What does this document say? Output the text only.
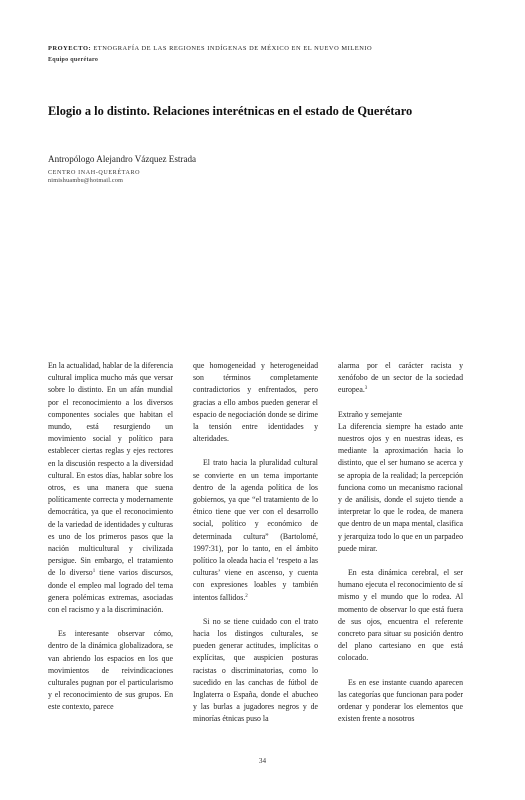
PROYECTO: ETNOGRAFÍA DE LAS REGIONES INDÍGENAS DE MÉXICO EN EL NUEVO MILENIO
Equipo querétaro
Elogio a lo distinto. Relaciones interétnicas en el estado de Querétaro
Antropólogo Alejandro Vázquez Estrada
CENTRO INAH-QUERÉTARO
nimishuambu@hotmail.com

En la actualidad, hablar de la diferencia cultural implica mucho más que versar sobre lo distinto. En un afán mundial por el reconocimiento a los diversos componentes sociales que habitan el mundo, está resurgiendo un movimiento social y político para establecer ciertas reglas y ejes rectores en la discusión respecto a la diversidad cultural. En estos días, hablar sobre los otros, es una manera que suena políticamente correcta y modernamente democrática, ya que el reconocimiento de la variedad de identidades y culturas es uno de los primeros pasos que la nación multicultural y civilizada persigue. Sin embargo, el tratamiento de lo diverso$^1$ tiene varios discursos, donde el empleo mal logrado del tema genera polémicas extremas, asociadas con el racismo y a la discriminación.

Es interesante observar cómo, dentro de la dinámica globalizadora, se van abriendo los espacios en los que movimientos de reivindicaciones culturales pugnan por el particularismo y el reconocimiento de sus grupos. En este contexto, parece

que homogeneidad y heterogeneidad son términos completamente contradictorios y enfrentados, pero gracias a ello ambos pueden generar el espacio de negociación donde se dirime la tensión entre identidades y alteridades.

El trato hacia la pluralidad cultural se convierte en un tema importante dentro de la agenda política de los gobiernos, ya que “el tratamiento de lo étnico tiene que ver con el desarrollo social, político y económico de determinada cultura” (Bartolomé, 1997:31), por lo tanto, en el ámbito político la oleada hacia el ‘respeto a las culturas’ viene en ascenso, y cuenta con expresiones loables y también intentos fallidos.$^2$

Si no se tiene cuidado con el trato hacia los distingos culturales, se pueden generar actitudes, implícitas o explícitas, que auspicien posturas racistas o discriminatorias, como lo sucedido en las canchas de fútbol de Inglaterra o España, donde el abucheo y las burlas a jugadores negros y de minorías étnicas puso la

alarma por el carácter racista y xenófobo de un sector de la sociedad europea.$^3$

Extraño y semejante

La diferencia siempre ha estado ante nuestros ojos y en nuestras ideas, es mediante la aproximación hacia lo distinto, que el ser humano se acerca y se apropia de la realidad; la percepción funciona como un mecanismo racional y de análisis, donde el sujeto tiende a interpretar lo que le rodea, de manera que dentro de un mapa mental, clasifica y jerarquiza todo lo que en un parpadeo puede mirar.

En esta dinámica cerebral, el ser humano ejecuta el reconocimiento de sí mismo y el mundo que lo rodea. Al momento de observar lo que está fuera de sus ojos, encuentra el referente concreto para situar su posición dentro del plano cartesiano en que está colocado.

Es en ese instante cuando aparecen las categorías que funcionan para poder ordenar y ponderar los elementos que existen frente a nosotros

34
